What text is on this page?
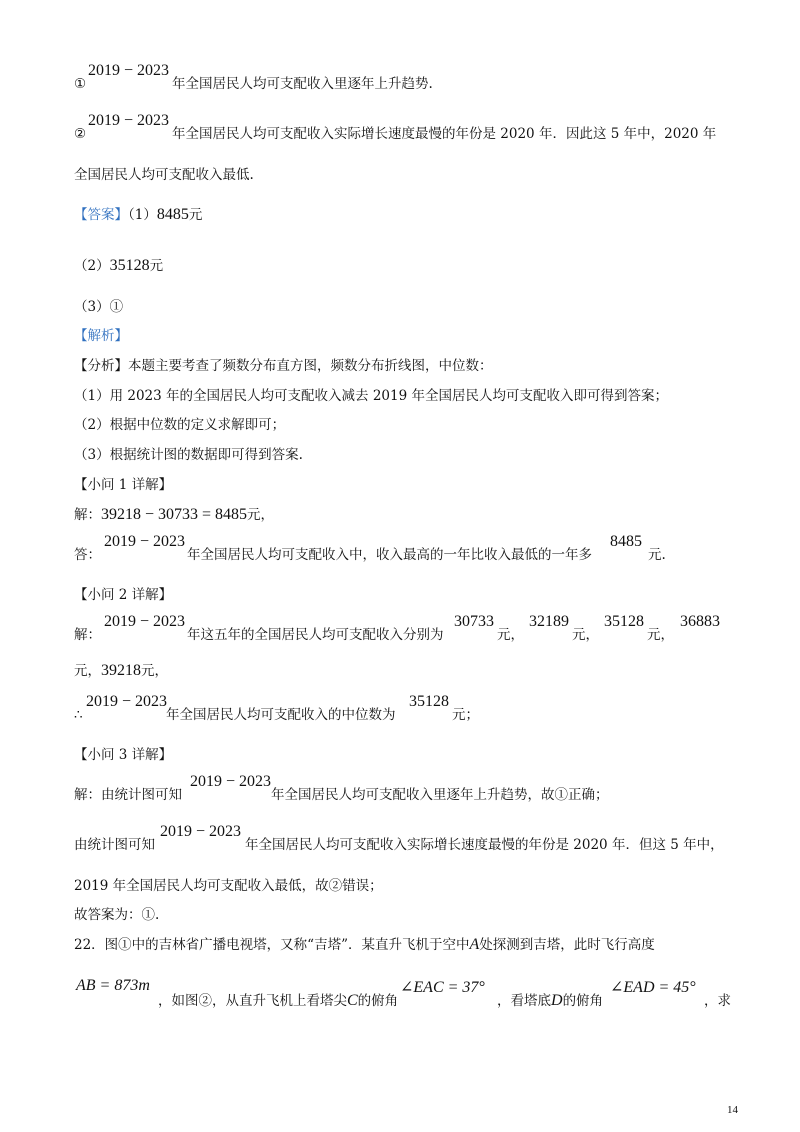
①
2019 − 2023
年全国居民人均可支配收入里逐年上升趋势.
②
2019 − 2023
年全国居民人均可支配收入实际增长速度最慢的年份是 2020 年．因此这 5 年中，2020 年
全国居民人均可支配收入最低.
【答案】（1）8485元
（2）35128元
（3）①
【解析】
【分析】本题主要考查了频数分布直方图，频数分布折线图，中位数：
（1）用 2023 年的全国居民人均可支配收入减去 2019 年全国居民人均可支配收入即可得到答案；
（2）根据中位数的定义求解即可；
（3）根据统计图的数据即可得到答案.
【小问 1 详解】
解：39218 − 30733 = 8485元，
答：
2019 − 2023
年全国居民人均可支配收入中，收入最高的一年比收入最低的一年多
8485
元.
【小问 2 详解】
解：
2019 − 2023
年这五年的全国居民人均可支配收入分别为
30733
元，
32189
元，
35128
元，
36883
元，39218元，
∴
2019 − 2023
年全国居民人均可支配收入的中位数为
35128
元；
【小问 3 详解】
解：由统计图可知
2019 − 2023
年全国居民人均可支配收入里逐年上升趋势，故①正确；
由统计图可知
2019 − 2023
年全国居民人均可支配收入实际增长速度最慢的年份是 2020 年．但这 5 年中，
2019 年全国居民人均可支配收入最低，故②错误；
故答案为：①.
22．图①中的吉林省广播电视塔，又称“吉塔”．某直升飞机于空中A处探测到吉塔，此时飞行高度
AB = 873m
，如图②，从直升飞机上看塔尖C的俯角
∠EAC = 37°
，看塔底D的俯角
∠EAD = 45°
，求
14
